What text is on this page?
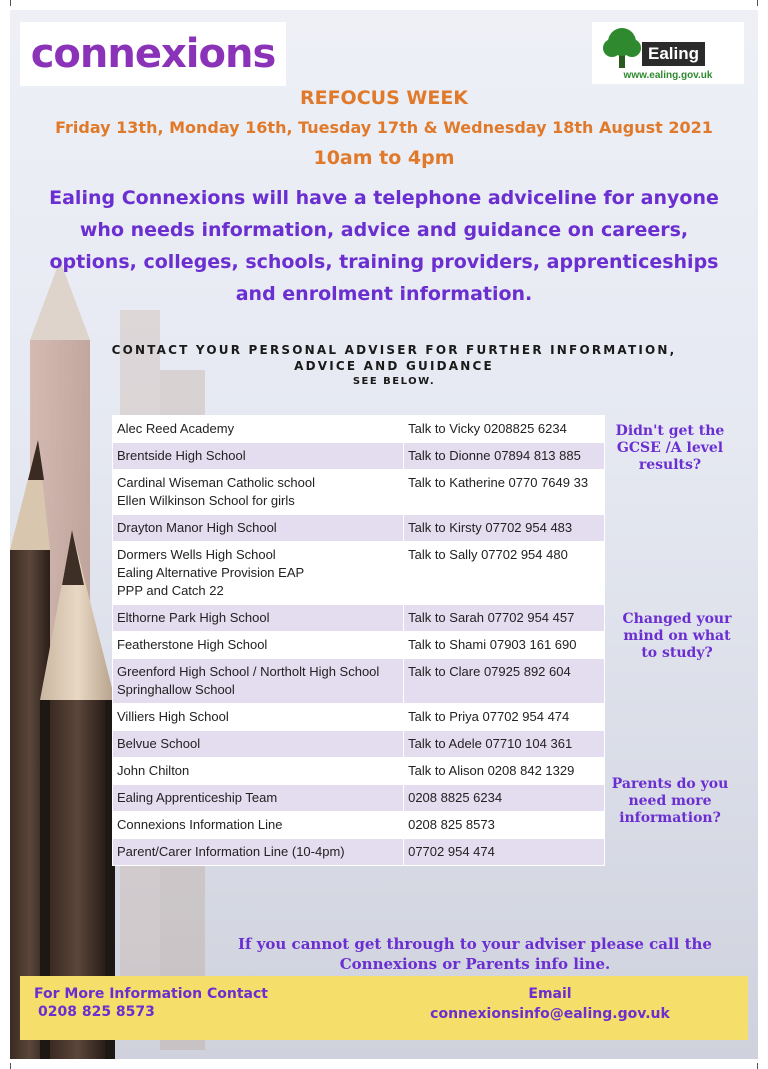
connexions	Ealing
www.ealing.gov.uk
REFOCUS WEEK
Friday 13th, Monday 16th, Tuesday 17th & Wednesday 18th August 2021
10am to 4pm
Ealing Connexions will have a telephone adviceline for anyone who needs information, advice and guidance on careers, options, colleges, schools, training providers, apprenticeships and enrolment information.
CONTACT YOUR PERSONAL ADVISER FOR FURTHER INFORMATION,
ADVICE AND GUIDANCE
SEE BELOW.
Alec Reed Academy	Talk to Vicky 0208825 6234
Brentside High School	Talk to Dionne 07894 813 885
Cardinal Wiseman Catholic school
Ellen Wilkinson School for girls	Talk to Katherine 0770 7649 33
Drayton Manor High School	Talk to Kirsty 07702 954 483
Dormers Wells High School
Ealing Alternative Provision EAP
PPP and Catch 22	Talk to Sally 07702 954 480
Elthorne Park High School	Talk to Sarah 07702 954 457
Featherstone High School	Talk to Shami 07903 161 690
Greenford High School / Northolt High School
Springhallow School	Talk to Clare 07925 892 604
Villiers High School	Talk to Priya 07702 954 474
Belvue School	Talk to Adele 07710 104 361
John Chilton	Talk to Alison 0208 842 1329
Ealing Apprenticeship Team	0208 8825 6234
Connexions Information Line	0208 825 8573
Parent/Carer Information Line (10-4pm)	07702 954 474
Didn't get the GCSE /A level results?
Changed your mind on what to study?
Parents do you need more information?
If you cannot get through to your adviser please call the Connexions or Parents info line.
For More Information Contact
0208 825 8573
Email
connexionsinfo@ealing.gov.uk
